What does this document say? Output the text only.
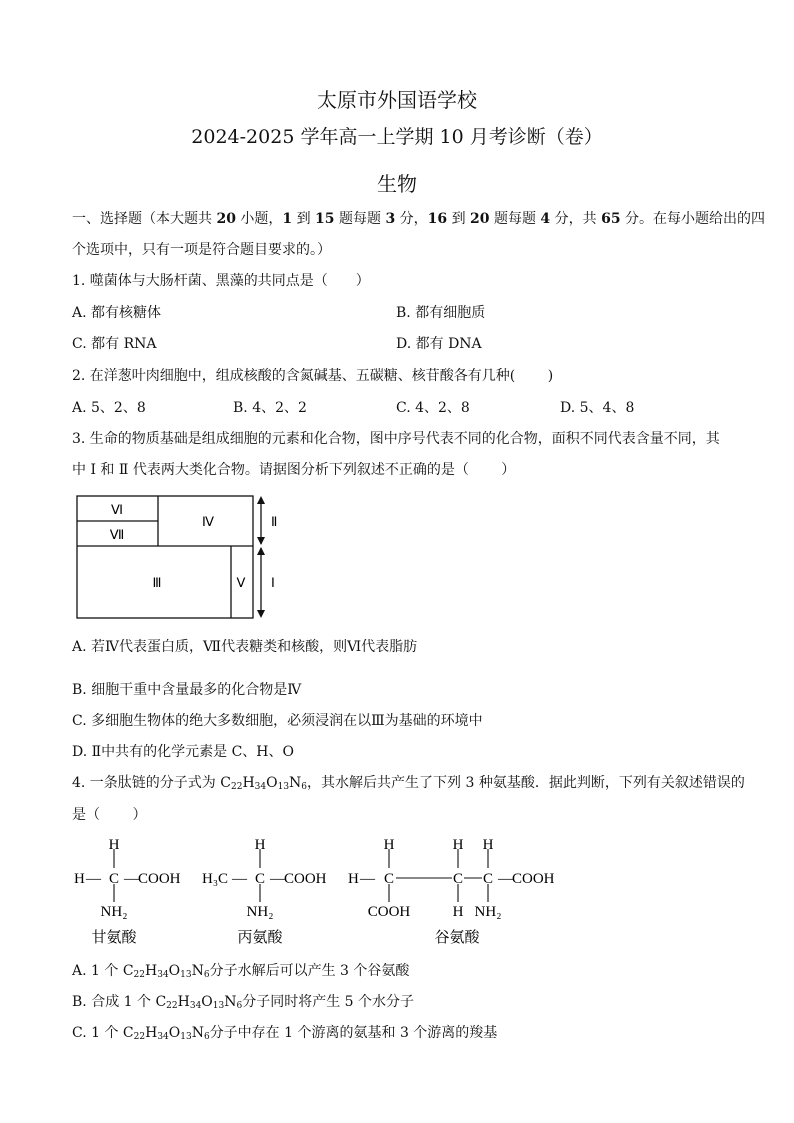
太原市外国语学校
2024-2025 学年高一上学期 10 月考诊断（卷）
生物
一、选择题（本大题共 20 小题，1 到 15 题每题 3 分，16 到 20 题每题 4 分，共 65 分。在每小题给出的四
个选项中，只有一项是符合题目要求的。）
1. 噬菌体与大肠杆菌、黑藻的共同点是（　　）
A. 都有核糖体	B. 都有细胞质
C. 都有 RNA	D. 都有 DNA
2. 在洋葱叶肉细胞中，组成核酸的含氮碱基、五碳糖、核苷酸各有几种(　　 )
A. 5、2、8	B. 4、2、2	C. 4、2、8	D. 5、4、8
3. 生命的物质基础是组成细胞的元素和化合物，图中序号代表不同的化合物，面积不同代表含量不同，其
中 Ⅰ 和 Ⅱ 代表两大类化合物。请据图分析下列叙述不正确的是（　　 ）
Ⅵ
Ⅶ
Ⅳ
Ⅲ	Ⅴ
Ⅱ
Ⅰ
A. 若Ⅳ代表蛋白质，Ⅶ代表糖类和核酸，则Ⅵ代表脂肪
B. 细胞干重中含量最多的化合物是Ⅳ
C. 多细胞生物体的绝大多数细胞，必须浸润在以Ⅲ为基础的环境中
D. Ⅱ中共有的化学元素是 C、H、O
4. 一条肽链的分子式为 $C_{22}H_{34}O_{13}N_6$，其水解后共产生了下列 3 种氨基酸．据此判断，下列有关叙述错误的
是（　　 ）
H
H — C — COOH
NH₂
甘氨酸
H
H₃C — C — COOH
NH₂
丙氨酸
H
H — C
COOH
H
C
H
H
C — COOH
NH₂
谷氨酸
A. 1 个 $C_{22}H_{34}O_{13}N_6$分子水解后可以产生 3 个谷氨酸
B. 合成 1 个 $C_{22}H_{34}O_{13}N_6$分子同时将产生 5 个水分子
C. 1 个 $C_{22}H_{34}O_{13}N_6$分子中存在 1 个游离的氨基和 3 个游离的羧基
